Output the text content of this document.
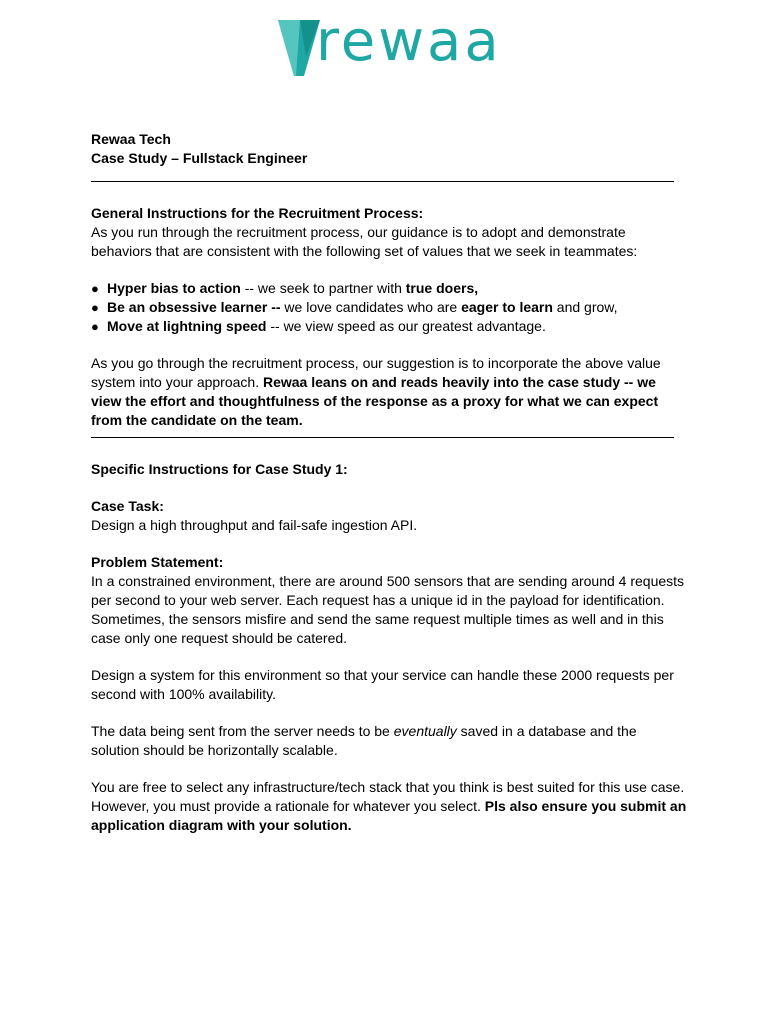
rewaa

Rewaa Tech

Case Study – Fullstack Engineer

General Instructions for the Recruitment Process:

As you run through the recruitment process, our guidance is to adopt and demonstrate

behaviors that are consistent with the following set of values that we seek in teammates:

● Hyper bias to action -- we seek to partner with true doers,
● Be an obsessive learner -- we love candidates who are eager to learn and grow,
● Move at lightning speed -- we view speed as our greatest advantage.

As you go through the recruitment process, our suggestion is to incorporate the above value

system into your approach. Rewaa leans on and reads heavily into the case study -- we

view the effort and thoughtfulness of the response as a proxy for what we can expect

from the candidate on the team.

Specific Instructions for Case Study 1:

Case Task:

Design a high throughput and fail-safe ingestion API.

Problem Statement:

In a constrained environment, there are around 500 sensors that are sending around 4 requests

per second to your web server. Each request has a unique id in the payload for identification.

Sometimes, the sensors misfire and send the same request multiple times as well and in this

case only one request should be catered.

Design a system for this environment so that your service can handle these 2000 requests per

second with 100% availability.

The data being sent from the server needs to be eventually saved in a database and the

solution should be horizontally scalable.

You are free to select any infrastructure/tech stack that you think is best suited for this use case.

However, you must provide a rationale for whatever you select. Pls also ensure you submit an

application diagram with your solution.
